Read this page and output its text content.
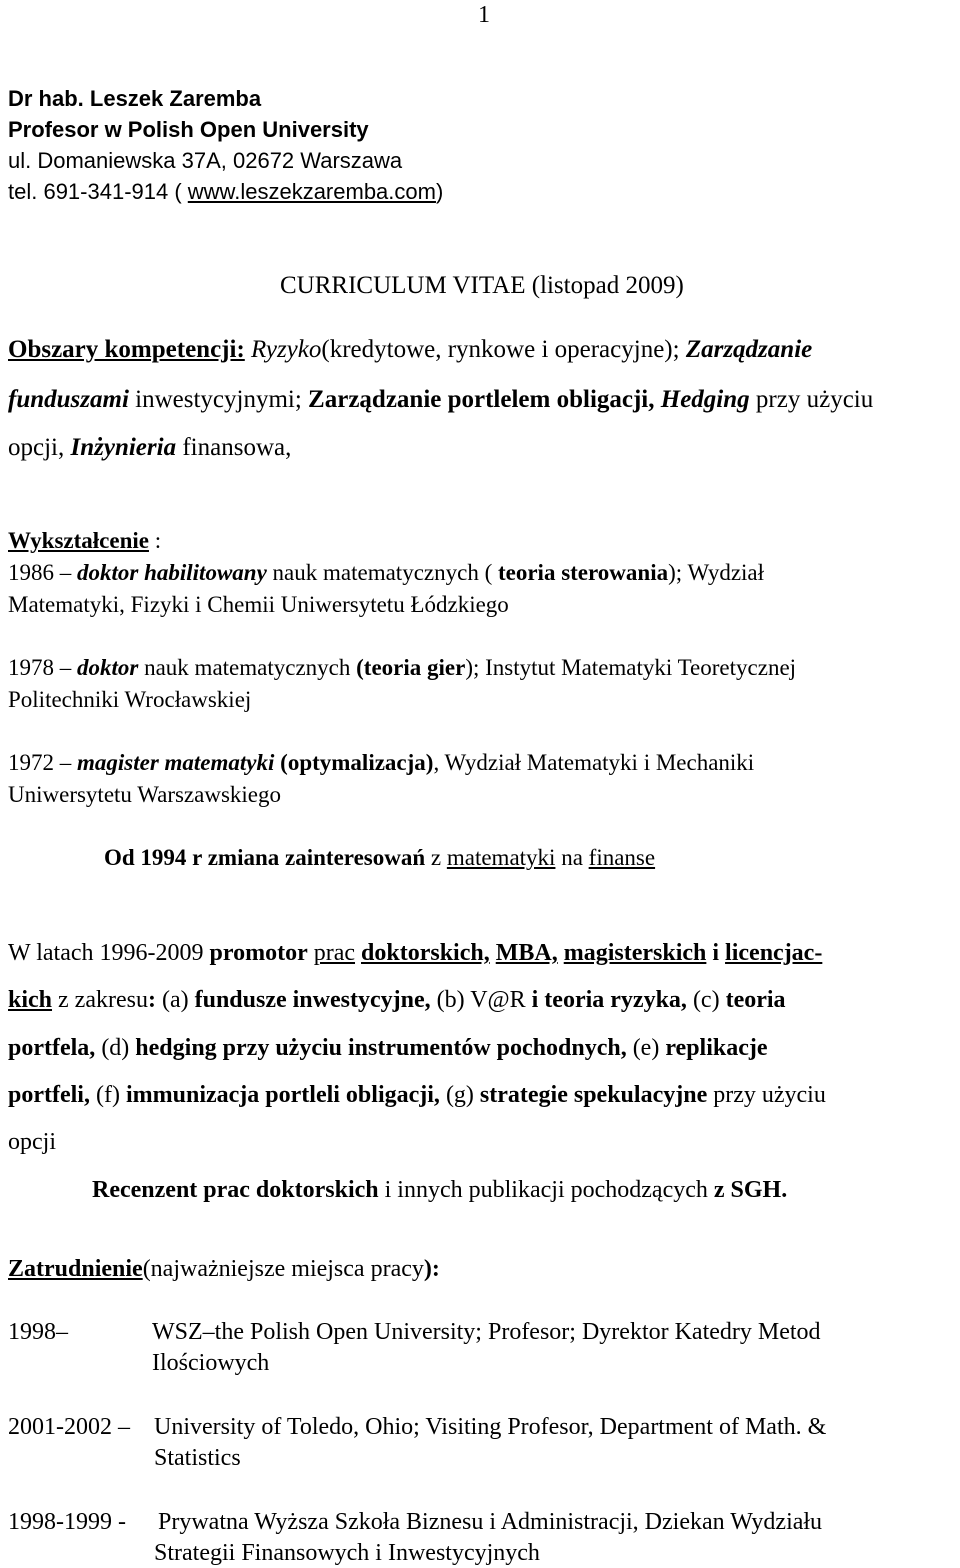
1
Dr hab. Leszek Zaremba
Profesor w Polish Open University
ul. Domaniewska 37A, 02672 Warszawa
tel. 691-341-914 ( www.leszekzaremba.com)
CURRICULUM VITAE (listopad 2009)
Obszary kompetencji: Ryzyko(kredytowe, rynkowe i operacyjne); Zarządzanie
funduszami inwestycyjnymi; Zarządzanie portlelem obligacji, Hedging przy użyciu
opcji, Inżynieria finansowa,
Wykształcenie :
1986 – doktor habilitowany nauk matematycznych ( teoria sterowania); Wydział
Matematyki, Fizyki i Chemii Uniwersytetu Łódzkiego
1978 – doktor nauk matematycznych (teoria gier); Instytut Matematyki Teoretycznej
Politechniki Wrocławskiej
1972 – magister matematyki (optymalizacja), Wydział Matematyki i Mechaniki
Uniwersytetu Warszawskiego
Od 1994 r zmiana zainteresowań z matematyki na finanse
W latach 1996-2009 promotor prac doktorskich, MBA, magisterskich i licencjac-
kich z zakresu: (a) fundusze inwestycyjne, (b) V@R i teoria ryzyka, (c) teoria
portfela, (d) hedging przy użyciu instrumentów pochodnych, (e) replikacje
portfeli, (f) immunizacja portleli obligacji, (g) strategie spekulacyjne przy użyciu
opcji
Recenzent prac doktorskich i innych publikacji pochodzących z SGH.
Zatrudnienie(najważniejsze miejsca pracy):
1998–	WSZ–the Polish Open University; Profesor; Dyrektor Katedry Metod
Ilościowych
2001-2002 – University of Toledo, Ohio; Visiting Profesor, Department of Math. &
Statistics
1998-1999 - Prywatna Wyższa Szkoła Biznesu i Administracji, Dziekan Wydziału
Strategii Finansowych i Inwestycyjnych
